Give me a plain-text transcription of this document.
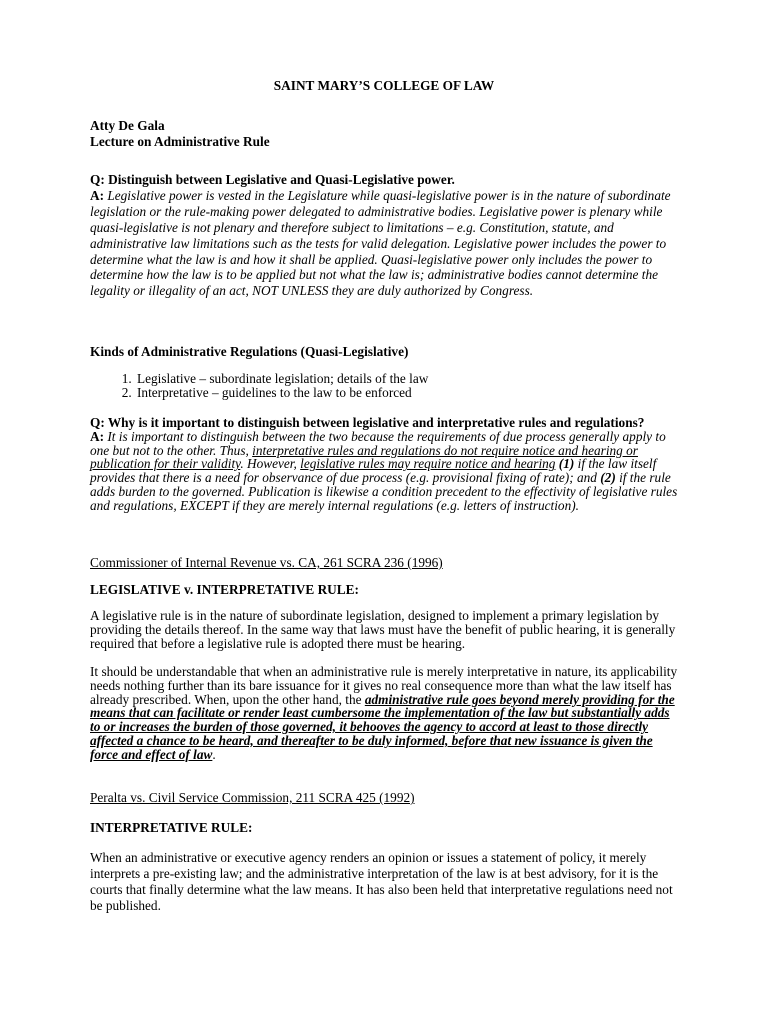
SAINT MARY’S COLLEGE OF LAW

Atty De Gala
Lecture on Administrative Rule
Q: Distinguish between Legislative and Quasi-Legislative power.
A: Legislative power is vested in the Legislature while quasi-legislative power is in the nature of subordinate legislation or the rule-making power delegated to administrative bodies. Legislative power is plenary while quasi-legislative is not plenary and therefore subject to limitations – e.g. Constitution, statute, and administrative law limitations such as the tests for valid delegation. Legislative power includes the power to determine what the law is and how it shall be applied. Quasi-legislative power only includes the power to determine how the law is to be applied but not what the law is; administrative bodies cannot determine the legality or illegality of an act, NOT UNLESS they are duly authorized by Congress.

Kinds of Administrative Regulations (Quasi-Legislative)

1. Legislative – subordinate legislation; details of the law
2. Interpretative – guidelines to the law to be enforced
Q: Why is it important to distinguish between legislative and interpretative rules and regulations?
A: It is important to distinguish between the two because the requirements of due process generally apply to one but not to the other. Thus, interpretative rules and regulations do not require notice and hearing or publication for their validity. However, legislative rules may require notice and hearing (1) if the law itself provides that there is a need for observance of due process (e.g. provisional fixing of rate); and (2) if the rule adds burden to the governed. Publication is likewise a condition precedent to the effectivity of legislative rules and regulations, EXCEPT if they are merely internal regulations (e.g. letters of instruction).

Commissioner of Internal Revenue vs. CA, 261 SCRA 236 (1996)

LEGISLATIVE v. INTERPRETATIVE RULE:

A legislative rule is in the nature of subordinate legislation, designed to implement a primary legislation by providing the details thereof. In the same way that laws must have the benefit of public hearing, it is generally required that before a legislative rule is adopted there must be hearing.

It should be understandable that when an administrative rule is merely interpretative in nature, its applicability needs nothing further than its bare issuance for it gives no real consequence more than what the law itself has already prescribed. When, upon the other hand, the administrative rule goes beyond merely providing for the means that can facilitate or render least cumbersome the implementation of the law but substantially adds to or increases the burden of those governed, it behooves the agency to accord at least to those directly affected a chance to be heard, and thereafter to be duly informed, before that new issuance is given the force and effect of law.

Peralta vs. Civil Service Commission, 211 SCRA 425 (1992)

INTERPRETATIVE RULE:

When an administrative or executive agency renders an opinion or issues a statement of policy, it merely interprets a pre-existing law; and the administrative interpretation of the law is at best advisory, for it is the courts that finally determine what the law means. It has also been held that interpretative regulations need not be published.
